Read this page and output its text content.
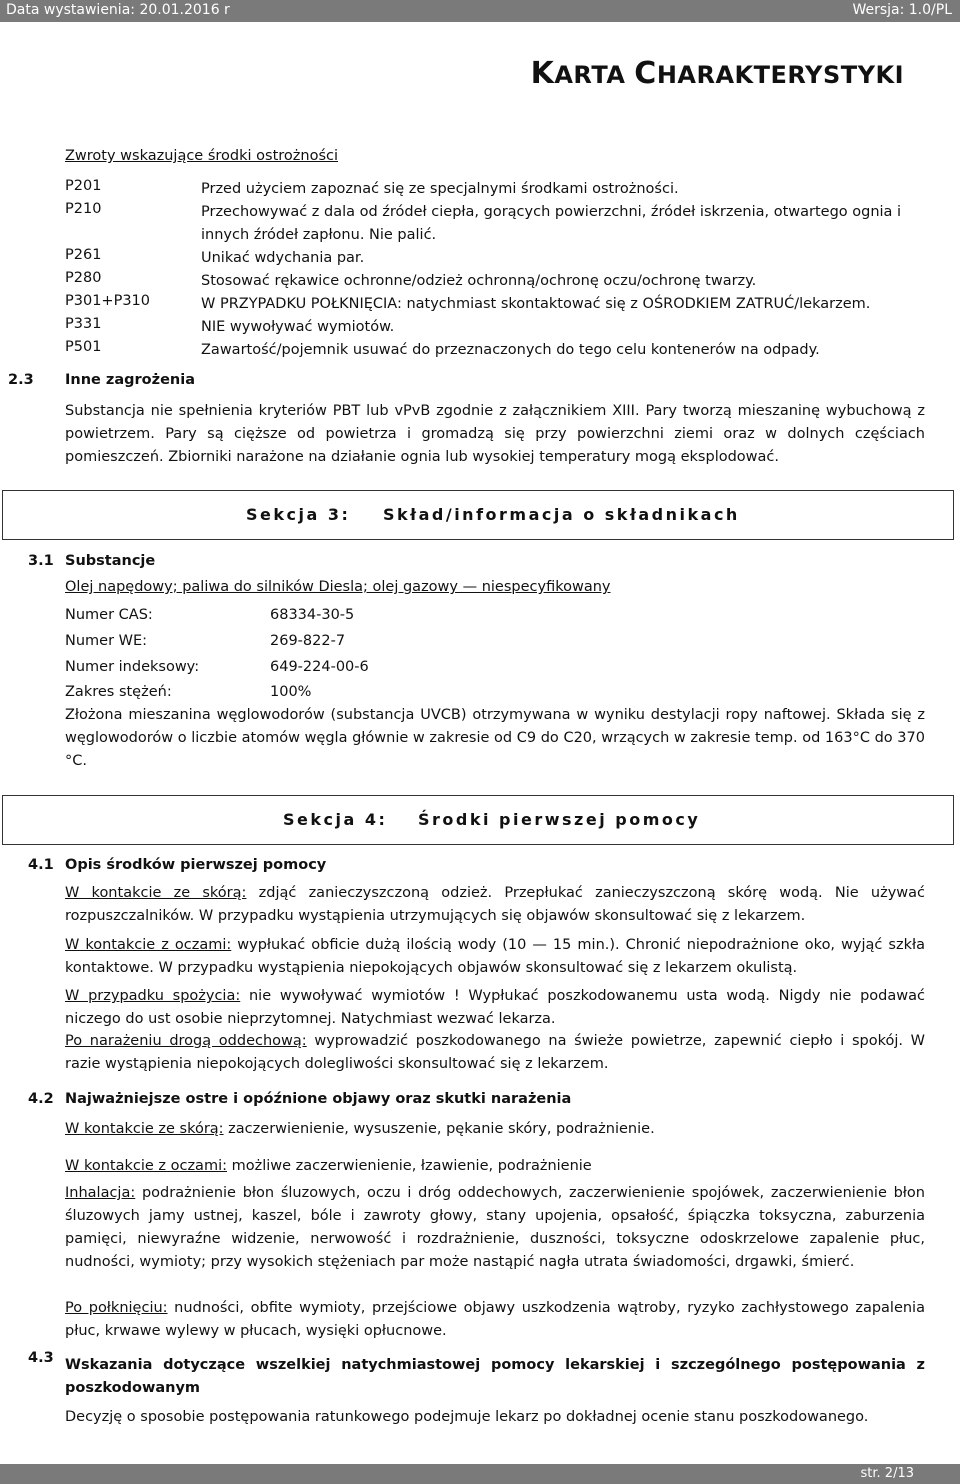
Data wystawienia: 20.01.2016 r	Wersja: 1.0/PL
KARTA CHARAKTERYSTYKI
Zwroty wskazujące środki ostrożności
P201	Przed użyciem zapoznać się ze specjalnymi środkami ostrożności.
P210	Przechowywać z dala od źródeł ciepła, gorących powierzchni, źródeł iskrzenia, otwartego ognia i innych źródeł zapłonu. Nie palić.
P261	Unikać wdychania par.
P280	Stosować rękawice ochronne/odzież ochronną/ochronę oczu/ochronę twarzy.
P301+P310	W PRZYPADKU POŁKNIĘCIA: natychmiast skontaktować się z OŚRODKIEM ZATRUĆ/lekarzem.
P331	NIE wywoływać wymiotów.
P501	Zawartość/pojemnik usuwać do przeznaczonych do tego celu kontenerów na odpady.
2.3 Inne zagrożenia
Substancja nie spełnienia kryteriów PBT lub vPvB zgodnie z załącznikiem XIII. Pary tworzą mieszaninę wybuchową z powietrzem. Pary są cięższe od powietrza i gromadzą się przy powierzchni ziemi oraz w dolnych częściach pomieszczeń. Zbiorniki narażone na działanie ognia lub wysokiej temperatury mogą eksplodować.
Sekcja 3: Skład/informacja o składnikach
3.1 Substancje
Olej napędowy; paliwa do silników Diesla; olej gazowy — niespecyfikowany
Numer CAS:	68334-30-5
Numer WE:	269-822-7
Numer indeksowy:	649-224-00-6
Zakres stężeń:	100%
Złożona mieszanina węglowodorów (substancja UVCB) otrzymywana w wyniku destylacji ropy naftowej. Składa się z węglowodorów o liczbie atomów węgla głównie w zakresie od C9 do C20, wrzących w zakresie temp. od 163°C do 370 °C.
Sekcja 4: Środki pierwszej pomocy
4.1 Opis środków pierwszej pomocy
W kontakcie ze skórą: zdjąć zanieczyszczoną odzież. Przepłukać zanieczyszczoną skórę wodą. Nie używać rozpuszczalników. W przypadku wystąpienia utrzymujących się objawów skonsultować się z lekarzem.
W kontakcie z oczami: wypłukać obficie dużą ilością wody (10 — 15 min.). Chronić niepodrażnione oko, wyjąć szkła kontaktowe. W przypadku wystąpienia niepokojących objawów skonsultować się z lekarzem okulistą.
W przypadku spożycia: nie wywoływać wymiotów ! Wypłukać poszkodowanemu usta wodą. Nigdy nie podawać niczego do ust osobie nieprzytomnej. Natychmiast wezwać lekarza.
Po narażeniu drogą oddechową: wyprowadzić poszkodowanego na świeże powietrze, zapewnić ciepło i spokój. W razie wystąpienia niepokojących dolegliwości skonsultować się z lekarzem.
4.2 Najważniejsze ostre i opóźnione objawy oraz skutki narażenia
W kontakcie ze skórą: zaczerwienienie, wysuszenie, pękanie skóry, podrażnienie.
W kontakcie z oczami: możliwe zaczerwienienie, łzawienie, podrażnienie
Inhalacja: podrażnienie błon śluzowych, oczu i dróg oddechowych, zaczerwienienie spojówek, zaczerwienienie błon śluzowych jamy ustnej, kaszel, bóle i zawroty głowy, stany upojenia, opsałość, śpiączka toksyczna, zaburzenia pamięci, niewyraźne widzenie, nerwowość i rozdrażnienie, duszności, toksyczne odoskrzelowe zapalenie płuc, nudności, wymioty; przy wysokich stężeniach par może nastąpić nagła utrata świadomości, drgawki, śmierć.
Po połknięciu: nudności, obfite wymioty, przejściowe objawy uszkodzenia wątroby, ryzyko zachłystowego zapalenia płuc, krwawe wylewy w płucach, wysięki opłucnowe.
4.3 Wskazania dotyczące wszelkiej natychmiastowej pomocy lekarskiej i szczególnego postępowania z poszkodowanym
Decyzję o sposobie postępowania ratunkowego podejmuje lekarz po dokładnej ocenie stanu poszkodowanego.
str. 2/13
